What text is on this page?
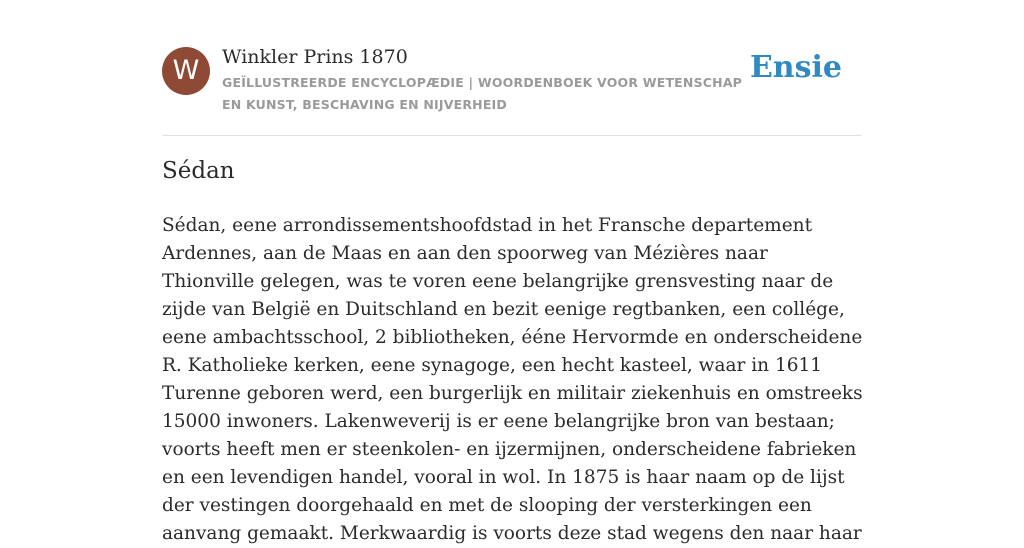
W	Winkler Prins 1870
GEÏLLUSTREERDE ENCYCLOPÆDIE | WOORDENBOEK VOOR WETENSCHAP EN KUNST, BESCHAVING EN NIJVERHEID
Ensie
Sédan

Sédan, eene arrondissementshoofdstad in het Fransche departement Ardennes, aan de Maas en aan den spoorweg van Mézières naar Thionville gelegen, was te voren eene belangrijke grensvesting naar de zijde van België en Duitschland en bezit eenige regtbanken, een collége, eene ambachtsschool, 2 bibliotheken, ééne Hervormde en onderscheidene R. Katholieke kerken, eene synagoge, een hecht kasteel, waar in 1611 Turenne geboren werd, een burgerlijk en militair ziekenhuis en omstreeks 15000 inwoners. Lakenweverij is er eene belangrijke bron van bestaan; voorts heeft men er steenkolen- en ijzermijnen, onderscheidene fabrieken en een levendigen handel, vooral in wol. In 1875 is haar naam op de lijst der vestingen doorgehaald en met de slooping der versterkingen een aanvang gemaakt. Merkwaardig is voorts deze stad wegens den naar haar
